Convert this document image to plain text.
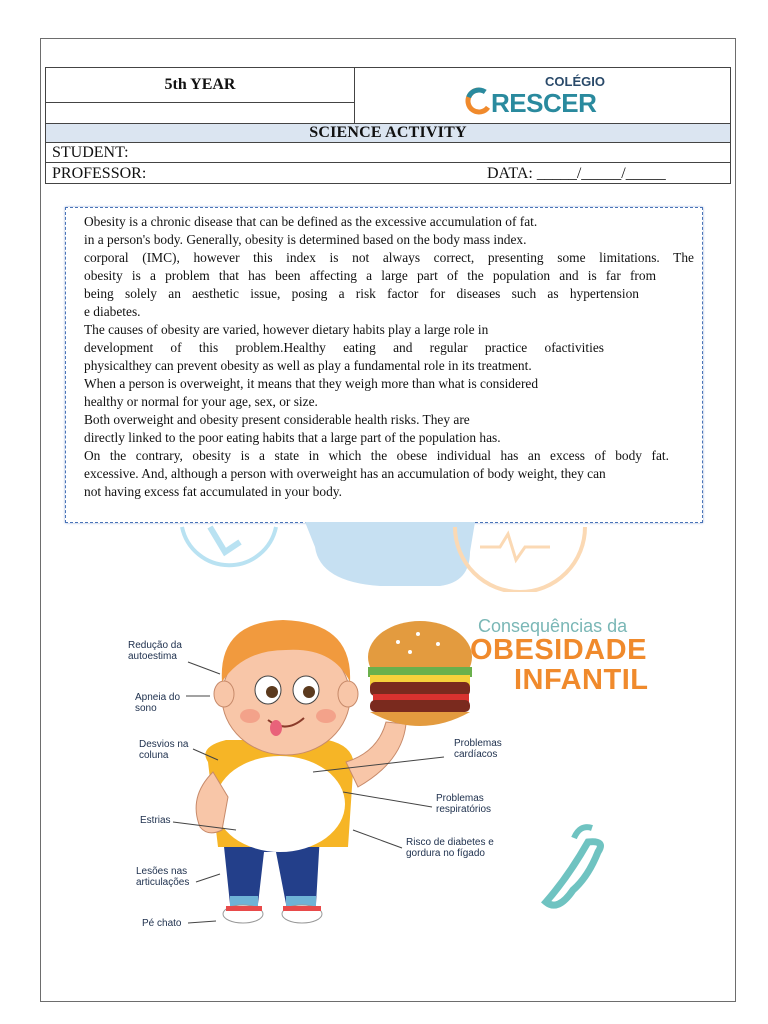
5th YEAR	COLÉGIO
RESCER
SCIENCE ACTIVITY
STUDENT:
PROFESSOR:	DATA: _____/_____/_____
Obesity is a chronic disease that can be defined as the excessive accumulation of fat.
in a person's body. Generally, obesity is determined based on the body mass index.
corporal (IMC), however this index is not always correct, presenting some limitations. The
obesity is a problem that has been affecting a large part of the population and is far from
being solely an aesthetic issue, posing a risk factor for diseases such as hypertension
e diabetes.
The causes of obesity are varied, however dietary habits play a large role in
development of this problem.Healthy eating and regular practice ofactivities
physicalthey can prevent obesity as well as play a fundamental role in its treatment.
When a person is overweight, it means that they weigh more than what is considered
healthy or normal for your age, sex, or size.
Both overweight and obesity present considerable health risks. They are
directly linked to the poor eating habits that a large part of the population has.
On the contrary, obesity is a state in which the obese individual has an excess of body fat.
excessive. And, although a person with overweight has an accumulation of body weight, they can
not having excess fat accumulated in your body.
Redução da autoestima
Apneia do sono
Desvios na coluna
Estrias
Lesões nas articulações
Pé chato
Problemas cardíacos
Problemas respiratórios
Risco de diabetes e gordura no fígado
Consequências da
OBESIDADE
INFANTIL
